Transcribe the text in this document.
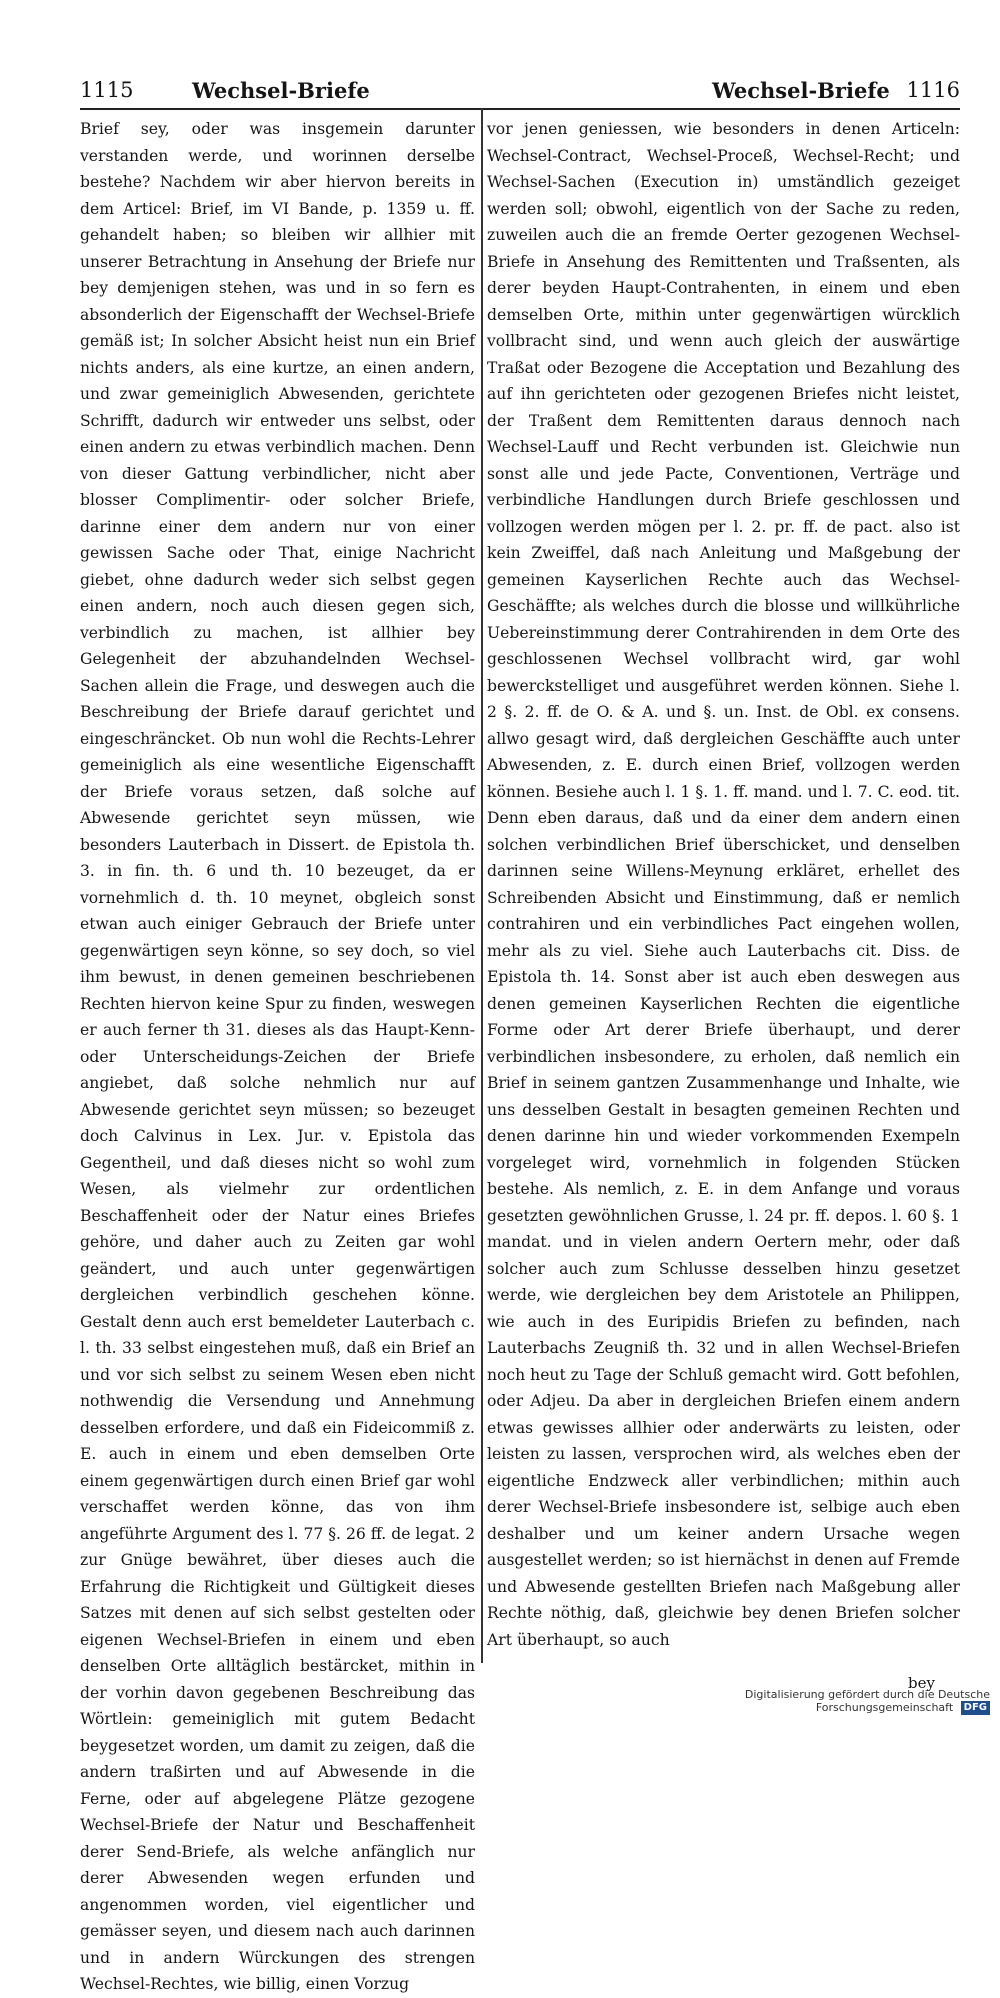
1115	Wechsel-Briefe	Wechsel-Briefe 1116

Brief sey, oder was insgemein darunter verstanden werde, und worinnen derselbe bestehe? Nachdem wir aber hiervon bereits in dem Articel: Brief, im VI Bande, p. 1359 u. ff. gehandelt haben; so bleiben wir allhier mit unserer Betrachtung in Ansehung der Briefe nur bey demjenigen stehen, was und in so fern es absonderlich der Eigenschafft der Wechsel-Briefe gemäß ist; In solcher Absicht heist nun ein Brief nichts anders, als eine kurtze, an einen andern, und zwar gemeiniglich Abwesenden, gerichtete Schrifft, dadurch wir entweder uns selbst, oder einen andern zu etwas verbindlich machen. Denn von dieser Gattung verbindlicher, nicht aber blosser Complimentir- oder solcher Briefe, darinne einer dem andern nur von einer gewissen Sache oder That, einige Nachricht giebet, ohne dadurch weder sich selbst gegen einen andern, noch auch diesen gegen sich, verbindlich zu machen, ist allhier bey Gelegenheit der abzuhandelnden Wechsel-Sachen allein die Frage, und deswegen auch die Beschreibung der Briefe darauf gerichtet und eingeschräncket. Ob nun wohl die Rechts-Lehrer gemeiniglich als eine wesentliche Eigenschafft der Briefe voraus setzen, daß solche auf Abwesende gerichtet seyn müssen, wie besonders Lauterbach in Dissert. de Epistola th. 3. in fin. th. 6 und th. 10 bezeuget, da er vornehmlich d. th. 10 meynet, obgleich sonst etwan auch einiger Gebrauch der Briefe unter gegenwärtigen seyn könne, so sey doch, so viel ihm bewust, in denen gemeinen beschriebenen Rechten hiervon keine Spur zu finden, weswegen er auch ferner th 31. dieses als das Haupt-Kenn- oder Unterscheidungs-Zeichen der Briefe angiebet, daß solche nehmlich nur auf Abwesende gerichtet seyn müssen; so bezeuget doch Calvinus in Lex. Jur. v. Epistola das Gegentheil, und daß dieses nicht so wohl zum Wesen, als vielmehr zur ordentlichen Beschaffenheit oder der Natur eines Briefes gehöre, und daher auch zu Zeiten gar wohl geändert, und auch unter gegenwärtigen dergleichen verbindlich geschehen könne. Gestalt denn auch erst bemeldeter Lauterbach c. l. th. 33 selbst eingestehen muß, daß ein Brief an und vor sich selbst zu seinem Wesen eben nicht nothwendig die Versendung und Annehmung desselben erfordere, und daß ein Fideicommiß z. E. auch in einem und eben demselben Orte einem gegenwärtigen durch einen Brief gar wohl verschaffet werden könne, das von ihm angeführte Argument des l. 77 §. 26 ff. de legat. 2 zur Gnüge bewähret, über dieses auch die Erfahrung die Richtigkeit und Gültigkeit dieses Satzes mit denen auf sich selbst gestelten oder eigenen Wechsel-Briefen in einem und eben denselben Orte alltäglich bestärcket, mithin in der vorhin davon gegebenen Beschreibung das Wörtlein: gemeiniglich mit gutem Bedacht beygesetzet worden, um damit zu zeigen, daß die andern traßirten und auf Abwesende in die Ferne, oder auf abgelegene Plätze gezogene Wechsel-Briefe der Natur und Beschaffenheit derer Send-Briefe, als welche anfänglich nur derer Abwesenden wegen erfunden und angenommen worden, viel eigentlicher und gemässer seyen, und diesem nach auch darinnen und in andern Würckungen des strengen Wechsel-Rechtes, wie billig, einen Vorzug

vor jenen geniessen, wie besonders in denen Articeln: Wechsel-Contract, Wechsel-Proceß, Wechsel-Recht; und Wechsel-Sachen (Execution in) umständlich gezeiget werden soll; obwohl, eigentlich von der Sache zu reden, zuweilen auch die an fremde Oerter gezogenen Wechsel-Briefe in Ansehung des Remittenten und Traßsenten, als derer beyden Haupt-Contrahenten, in einem und eben demselben Orte, mithin unter gegenwärtigen würcklich vollbracht sind, und wenn auch gleich der auswärtige Traßat oder Bezogene die Acceptation und Bezahlung des auf ihn gerichteten oder gezogenen Briefes nicht leistet, der Traßent dem Remittenten daraus dennoch nach Wechsel-Lauff und Recht verbunden ist. Gleichwie nun sonst alle und jede Pacte, Conventionen, Verträge und verbindliche Handlungen durch Briefe geschlossen und vollzogen werden mögen per l. 2. pr. ff. de pact. also ist kein Zweiffel, daß nach Anleitung und Maßgebung der gemeinen Kayserlichen Rechte auch das Wechsel-Geschäffte; als welches durch die blosse und willkührliche Uebereinstimmung derer Contrahirenden in dem Orte des geschlossenen Wechsel vollbracht wird, gar wohl bewerckstelliget und ausgeführet werden können. Siehe l. 2 §. 2. ff. de O. & A. und §. un. Inst. de Obl. ex consens. allwo gesagt wird, daß dergleichen Geschäffte auch unter Abwesenden, z. E. durch einen Brief, vollzogen werden können. Besiehe auch l. 1 §. 1. ff. mand. und l. 7. C. eod. tit. Denn eben daraus, daß und da einer dem andern einen solchen verbindlichen Brief überschicket, und denselben darinnen seine Willens-Meynung erkläret, erhellet des Schreibenden Absicht und Einstimmung, daß er nemlich contrahiren und ein verbindliches Pact eingehen wollen, mehr als zu viel. Siehe auch Lauterbachs cit. Diss. de Epistola th. 14. Sonst aber ist auch eben deswegen aus denen gemeinen Kayserlichen Rechten die eigentliche Forme oder Art derer Briefe überhaupt, und derer verbindlichen insbesondere, zu erholen, daß nemlich ein Brief in seinem gantzen Zusammenhange und Inhalte, wie uns desselben Gestalt in besagten gemeinen Rechten und denen darinne hin und wieder vorkommenden Exempeln vorgeleget wird, vornehmlich in folgenden Stücken bestehe. Als nemlich, z. E. in dem Anfange und voraus gesetzten gewöhnlichen Grusse, l. 24 pr. ff. depos. l. 60 §. 1 mandat. und in vielen andern Oertern mehr, oder daß solcher auch zum Schlusse desselben hinzu gesetzet werde, wie dergleichen bey dem Aristotele an Philippen, wie auch in des Euripidis Briefen zu befinden, nach Lauterbachs Zeugniß th. 32 und in allen Wechsel-Briefen noch heut zu Tage der Schluß gemacht wird. Gott befohlen, oder Adjeu. Da aber in dergleichen Briefen einem andern etwas gewisses allhier oder anderwärts zu leisten, oder leisten zu lassen, versprochen wird, als welches eben der eigentliche Endzweck aller verbindlichen; mithin auch derer Wechsel-Briefe insbesondere ist, selbige auch eben deshalber und um keiner andern Ursache wegen ausgestellet werden; so ist hiernächst in denen auf Fremde und Abwesende gestellten Briefen nach Maßgebung aller Rechte nöthig, daß, gleichwie bey denen Briefen solcher Art überhaupt, so auch

bey
Digitalisierung gefördert durch die Deutsche Forschungsgemeinschaft DFG
